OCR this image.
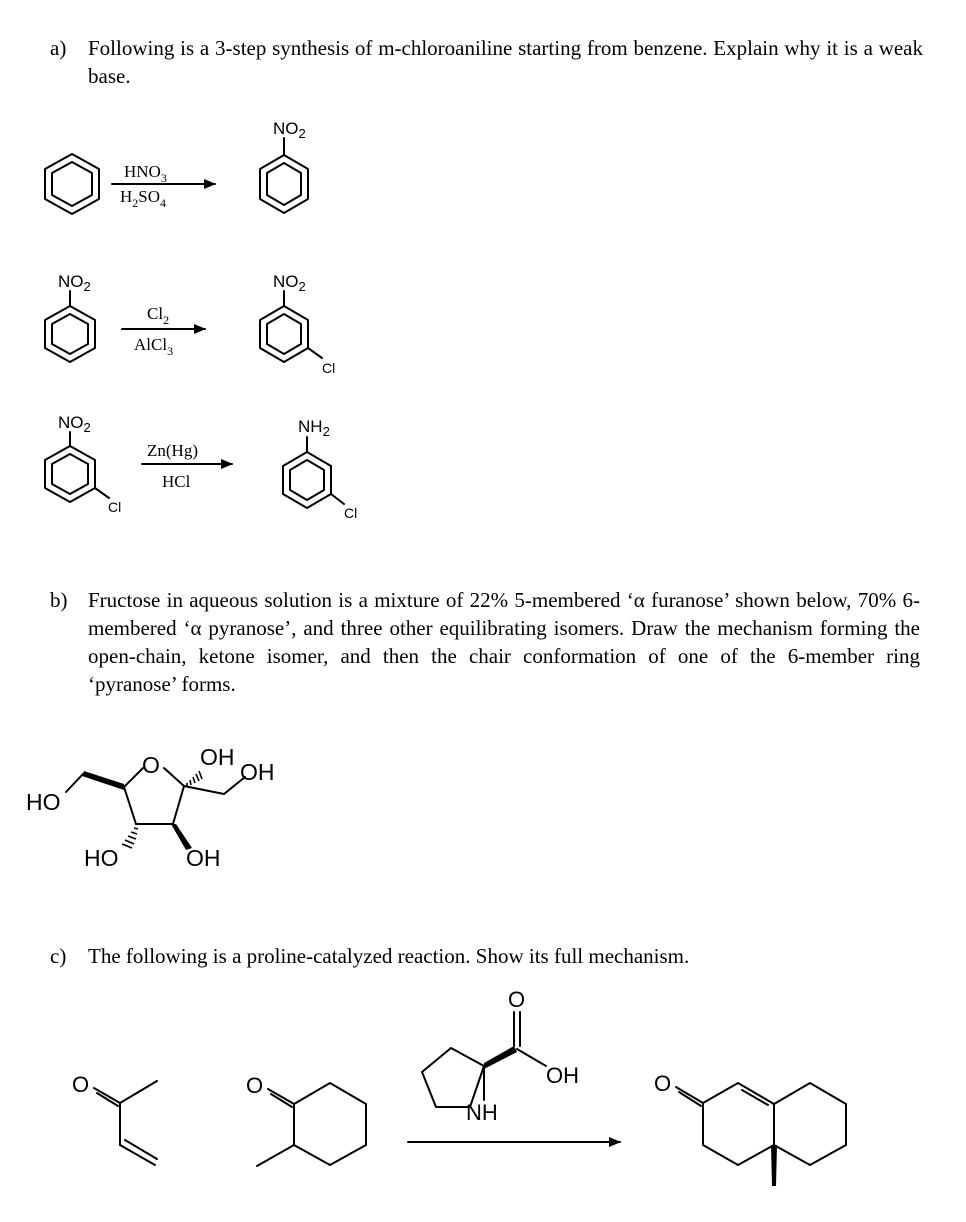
a) Following is a 3-step synthesis of m-chloroaniline starting from benzene. Explain why it is a weak base.
b) Fructose in aqueous solution is a mixture of 22% 5-membered ‘α furanose’ shown below, 70% 6-membered ‘α pyranose’, and three other equilibrating isomers. Draw the mechanism forming the open-chain, ketone isomer, and then the chair conformation of one of the 6-member ring ‘pyranose’ forms.
c) The following is a proline-catalyzed reaction. Show its full mechanism.
$HNO_3$
$H_2SO_4$
$NO_2$
$NO_2$
$Cl_2$
AlCl$_3$
$NO_2$
Cl
$NO_2$
Cl
Zn(Hg)
HCl
$NH_2$
Cl
O OH
OH
HO
HO	OH
O	O
O
OH
NH
O
